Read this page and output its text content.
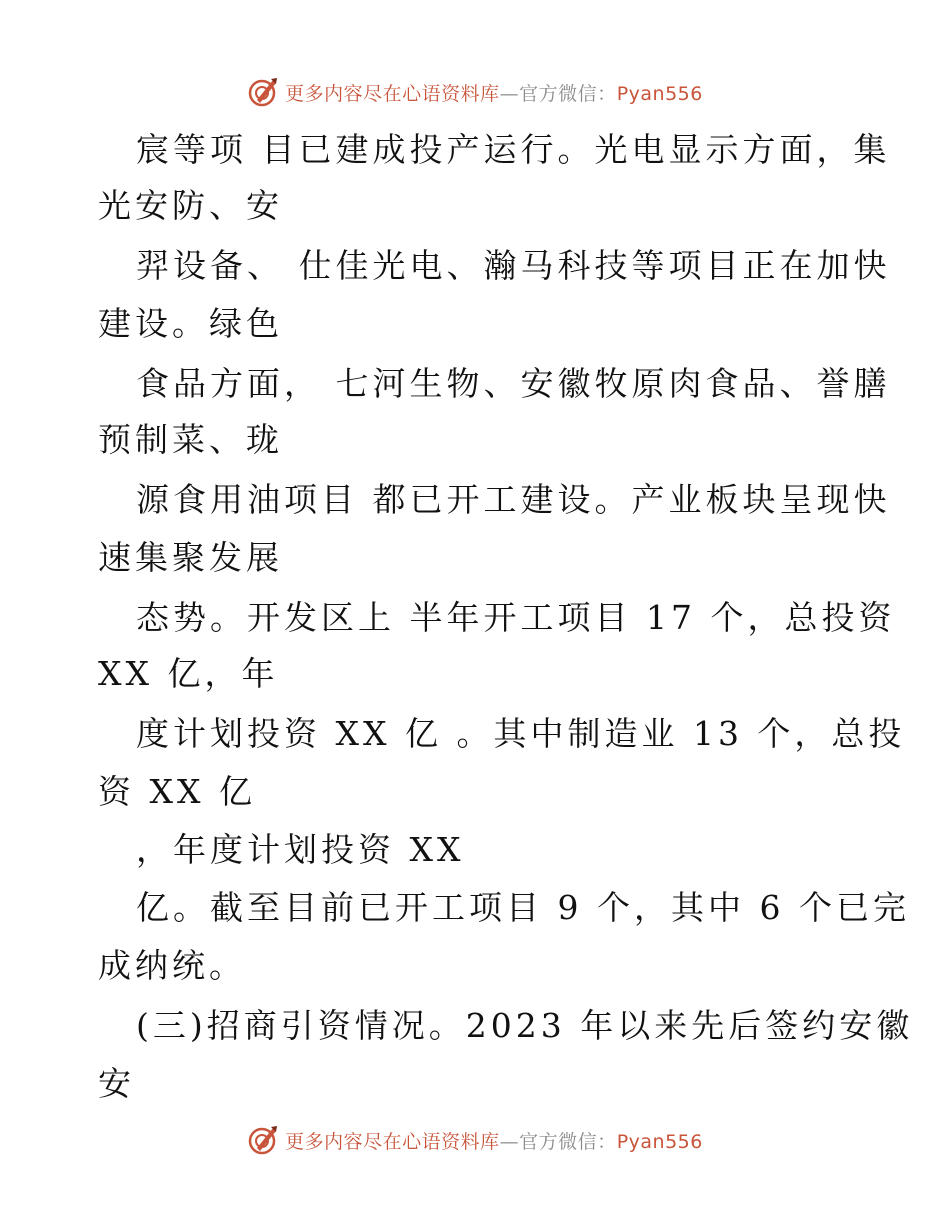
更多内容尽在心语资料库—官方微信：Pyan556
宸等项 目已建成投产运行。光电显示方面，集
光安防、安
羿设备、 仕佳光电、瀚马科技等项目正在加快
建设。绿色
食品方面， 七河生物、安徽牧原肉食品、誉膳
预制菜、珑
源食用油项目 都已开工建设。产业板块呈现快
速集聚发展
态势。开发区上 半年开工项目 17 个，总投资
XX 亿，年
度计划投资 XX 亿 。其中制造业 13 个，总投
资 XX 亿
，年度计划投资 XX
亿。截至目前已开工项目 9 个，其中 6 个已完
成纳统。
(三)招商引资情况。2023 年以来先后签约安徽
安
更多内容尽在心语资料库—官方微信：Pyan556
